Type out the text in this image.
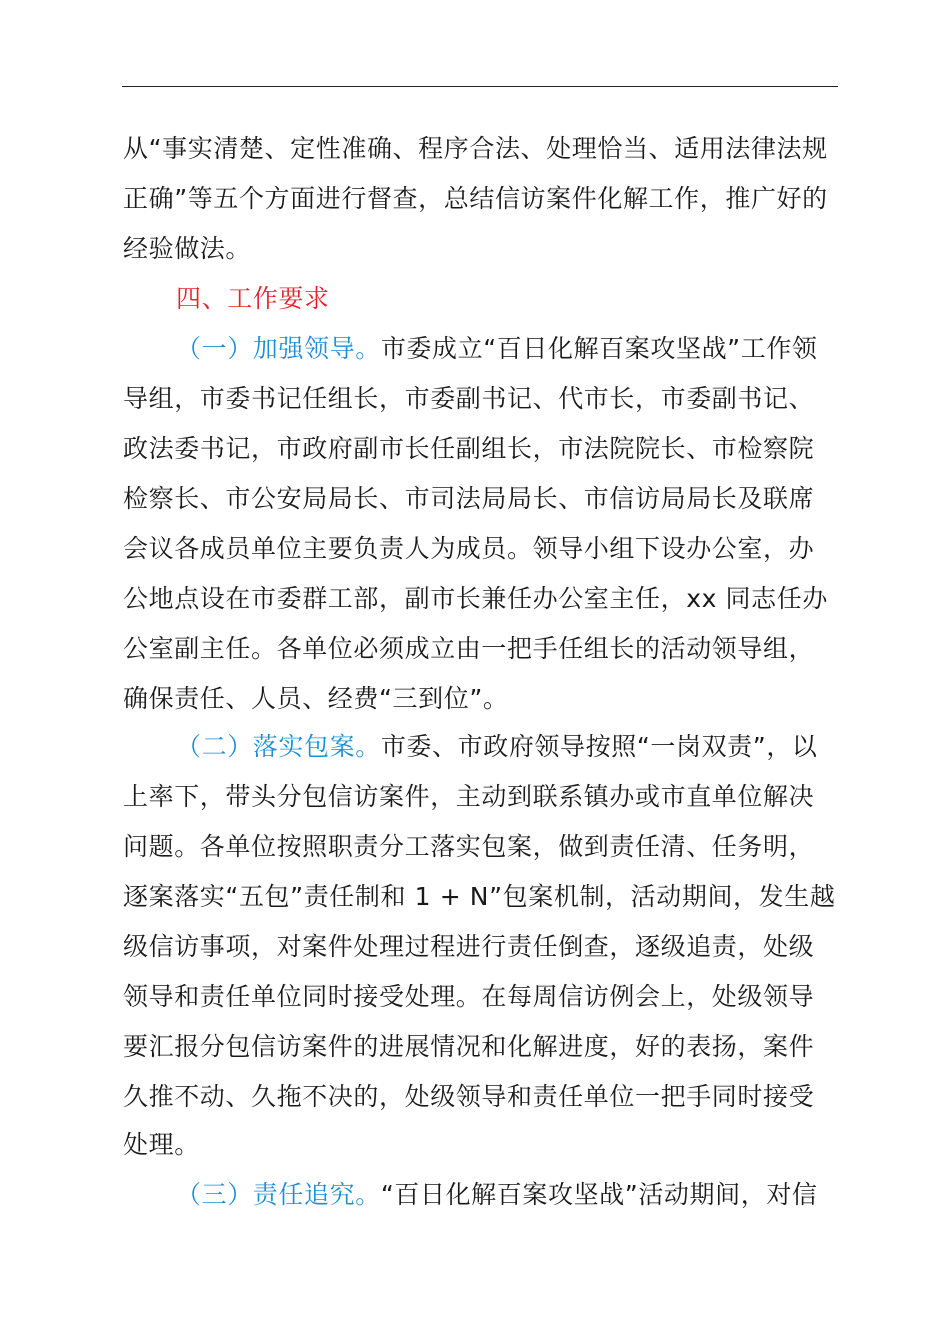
从“事实清楚、定性准确、程序合法、处理恰当、适用法律法规
正确”等五个方面进行督查，总结信访案件化解工作，推广好的
经验做法。
四、工作要求
（一）加强领导。市委成立“百日化解百案攻坚战”工作领
导组，市委书记任组长，市委副书记、代市长，市委副书记、
政法委书记，市政府副市长任副组长，市法院院长、市检察院
检察长、市公安局局长、市司法局局长、市信访局局长及联席
会议各成员单位主要负责人为成员。领导小组下设办公室，办
公地点设在市委群工部，副市长兼任办公室主任，xx 同志任办
公室副主任。各单位必须成立由一把手任组长的活动领导组，
确保责任、人员、经费“三到位”。
（二）落实包案。市委、市政府领导按照“一岗双责”，以
上率下，带头分包信访案件，主动到联系镇办或市直单位解决
问题。各单位按照职责分工落实包案，做到责任清、任务明，
逐案落实“五包”责任制和 1 + N”包案机制，活动期间，发生越
级信访事项，对案件处理过程进行责任倒查，逐级追责，处级
领导和责任单位同时接受处理。在每周信访例会上，处级领导
要汇报分包信访案件的进展情况和化解进度，好的表扬，案件
久推不动、久拖不决的，处级领导和责任单位一把手同时接受
处理。
（三）责任追究。“百日化解百案攻坚战”活动期间，对信
